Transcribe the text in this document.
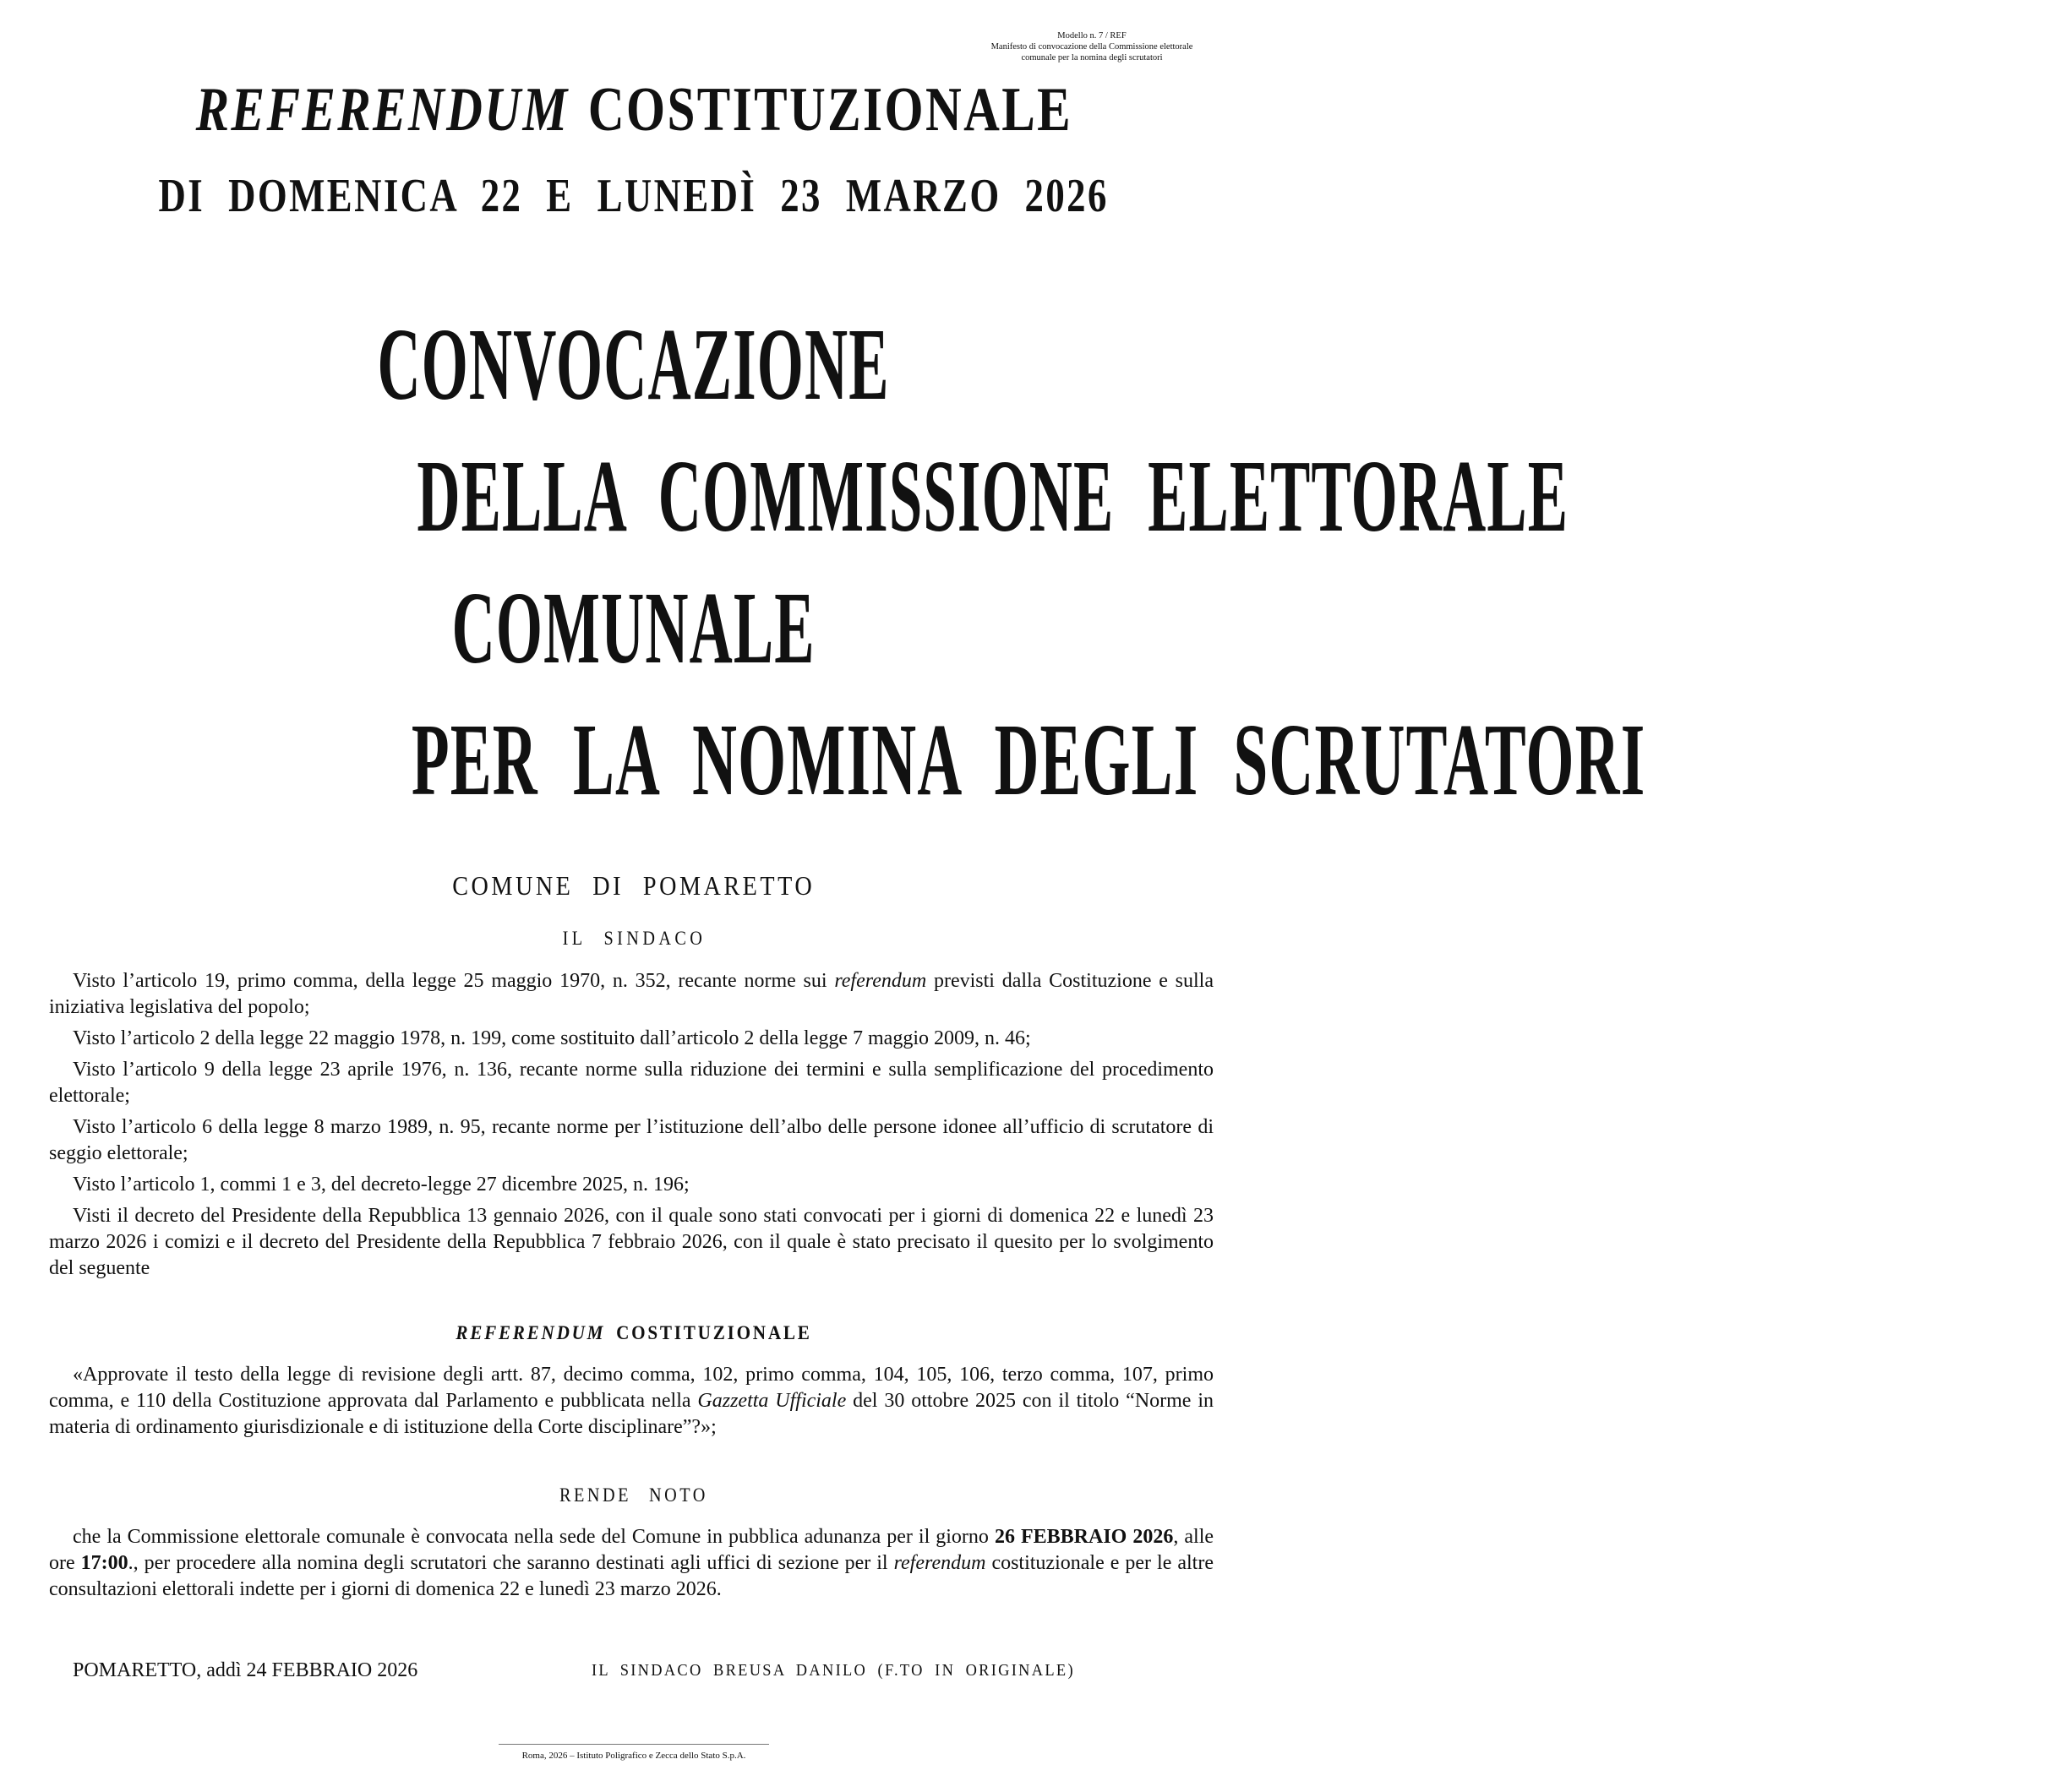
Modello n. 7 / REF
Manifesto di convocazione della Commissione elettorale
comunale per la nomina degli scrutatori
REFERENDUM COSTITUZIONALE
DI DOMENICA 22 E LUNEDÌ 23 MARZO 2026
CONVOCAZIONE
DELLA COMMISSIONE ELETTORALE
COMUNALE
PER LA NOMINA DEGLI SCRUTATORI
COMUNE DI POMARETTO
IL SINDACO

Visto l’articolo 19, primo comma, della legge 25 maggio 1970, n. 352, recante norme sui referendum previsti dalla Costituzione e sulla iniziativa legislativa del popolo;

Visto l’articolo 2 della legge 22 maggio 1978, n. 199, come sostituito dall’articolo 2 della legge 7 maggio 2009, n. 46;

Visto l’articolo 9 della legge 23 aprile 1976, n. 136, recante norme sulla riduzione dei termini e sulla semplificazione del procedimento elettorale;

Visto l’articolo 6 della legge 8 marzo 1989, n. 95, recante norme per l’istituzione dell’albo delle persone idonee all’ufficio di scrutatore di seggio elettorale;

Visto l’articolo 1, commi 1 e 3, del decreto-legge 27 dicembre 2025, n. 196;

Visti il decreto del Presidente della Repubblica 13 gennaio 2026, con il quale sono stati convocati per i giorni di domenica 22 e lunedì 23 marzo 2026 i comizi e il decreto del Presidente della Repubblica 7 febbraio 2026, con il quale è stato precisato il quesito per lo svolgimento del seguente

REFERENDUM COSTITUZIONALE

«Approvate il testo della legge di revisione degli artt. 87, decimo comma, 102, primo comma, 104, 105, 106, terzo comma, 107, primo comma, e 110 della Costituzione approvata dal Parlamento e pubblicata nella Gazzetta Ufficiale del 30 ottobre 2025 con il titolo “Norme in materia di ordinamento giurisdizionale e di istituzione della Corte disciplinare”?»;

RENDE NOTO

che la Commissione elettorale comunale è convocata nella sede del Comune in pubblica adunanza per il giorno 26 FEBBRAIO 2026, alle ore 17:00., per procedere alla nomina degli scrutatori che saranno destinati agli uffici di sezione per il referendum costituzionale e per le altre consultazioni elettorali indette per i giorni di domenica 22 e lunedì 23 marzo 2026.

POMARETTO, addì 24 FEBBRAIO 2026	IL SINDACO BREUSA DANILO (F.TO IN ORIGINALE)
Roma, 2026 – Istituto Poligrafico e Zecca dello Stato S.p.A.
